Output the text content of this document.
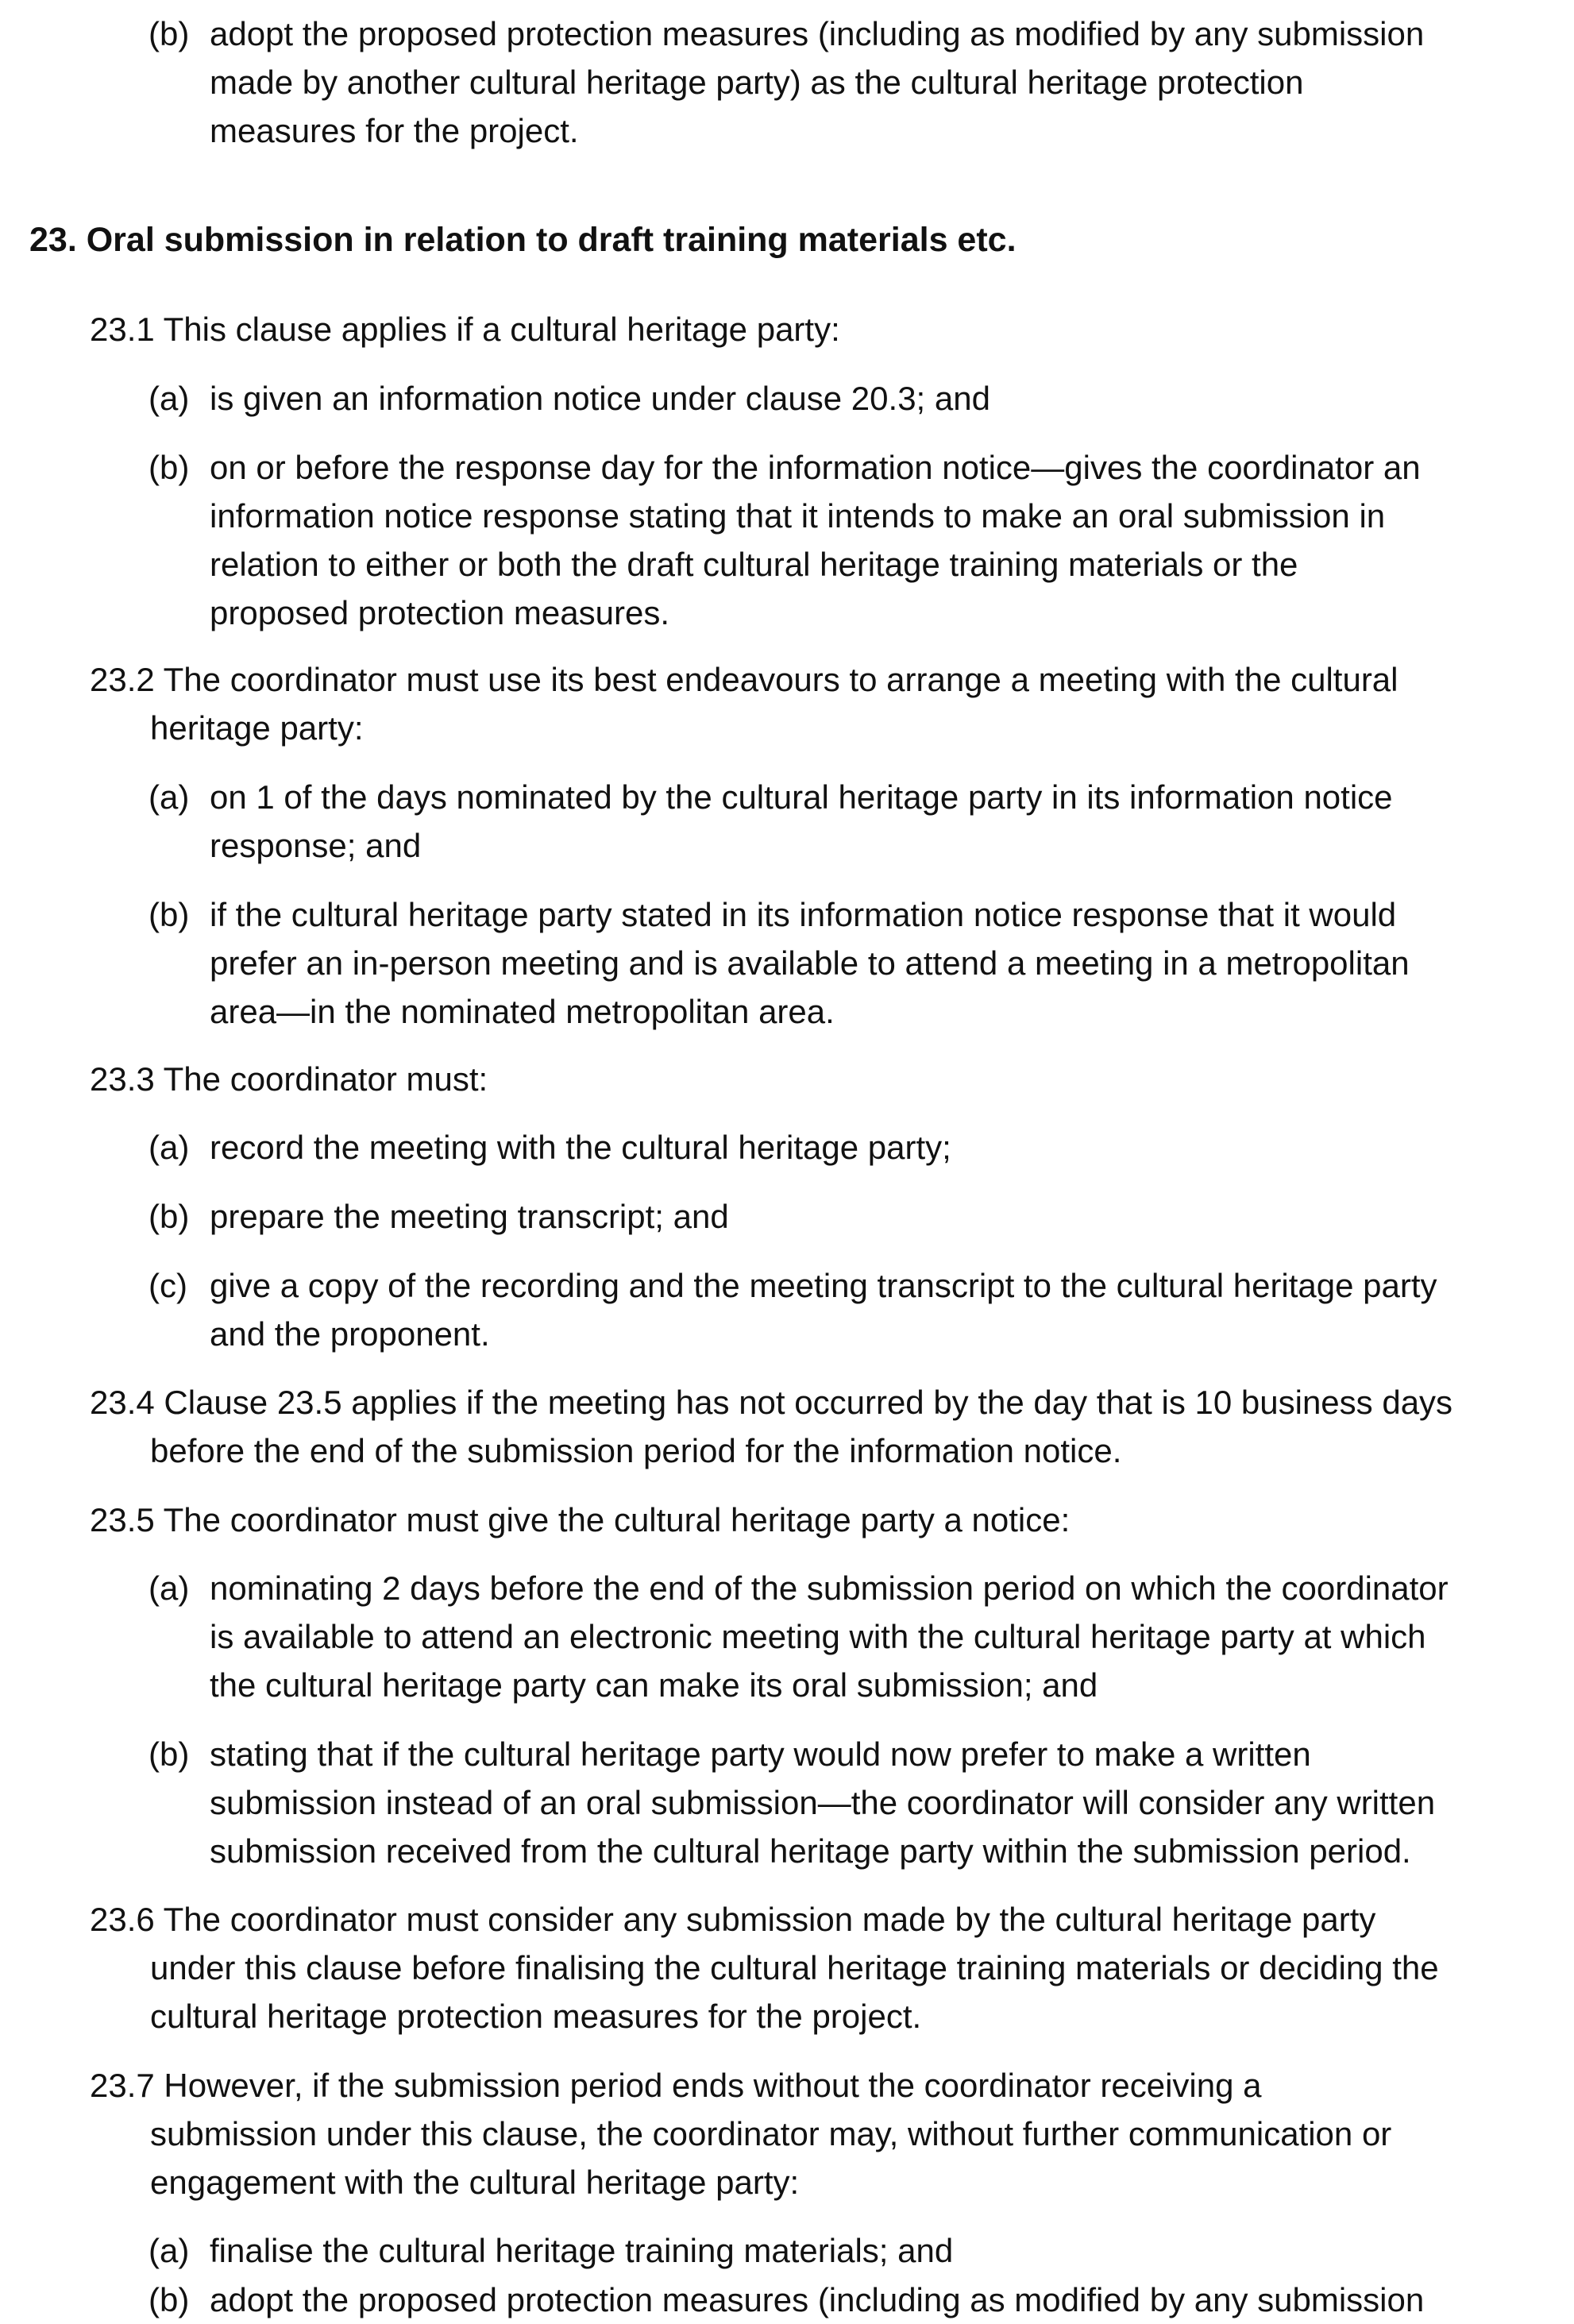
(b) adopt the proposed protection measures (including as modified by any submission
made by another cultural heritage party) as the cultural heritage protection
measures for the project.
23. Oral submission in relation to draft training materials etc.
23.1 This clause applies if a cultural heritage party:
(a) is given an information notice under clause 20.3; and
(b) on or before the response day for the information notice—gives the coordinator an
information notice response stating that it intends to make an oral submission in
relation to either or both the draft cultural heritage training materials or the
proposed protection measures.
23.2 The coordinator must use its best endeavours to arrange a meeting with the cultural
heritage party:
(a) on 1 of the days nominated by the cultural heritage party in its information notice
response; and
(b) if the cultural heritage party stated in its information notice response that it would
prefer an in-person meeting and is available to attend a meeting in a metropolitan
area—in the nominated metropolitan area.
23.3 The coordinator must:
(a) record the meeting with the cultural heritage party;
(b) prepare the meeting transcript; and
(c) give a copy of the recording and the meeting transcript to the cultural heritage party
and the proponent.
23.4 Clause 23.5 applies if the meeting has not occurred by the day that is 10 business days
before the end of the submission period for the information notice.
23.5 The coordinator must give the cultural heritage party a notice:
(a) nominating 2 days before the end of the submission period on which the coordinator
is available to attend an electronic meeting with the cultural heritage party at which
the cultural heritage party can make its oral submission; and
(b) stating that if the cultural heritage party would now prefer to make a written
submission instead of an oral submission—the coordinator will consider any written
submission received from the cultural heritage party within the submission period.
23.6 The coordinator must consider any submission made by the cultural heritage party
under this clause before finalising the cultural heritage training materials or deciding the
cultural heritage protection measures for the project.
23.7 However, if the submission period ends without the coordinator receiving a
submission under this clause, the coordinator may, without further communication or
engagement with the cultural heritage party:
(a) finalise the cultural heritage training materials; and
(b) adopt the proposed protection measures (including as modified by any submission
